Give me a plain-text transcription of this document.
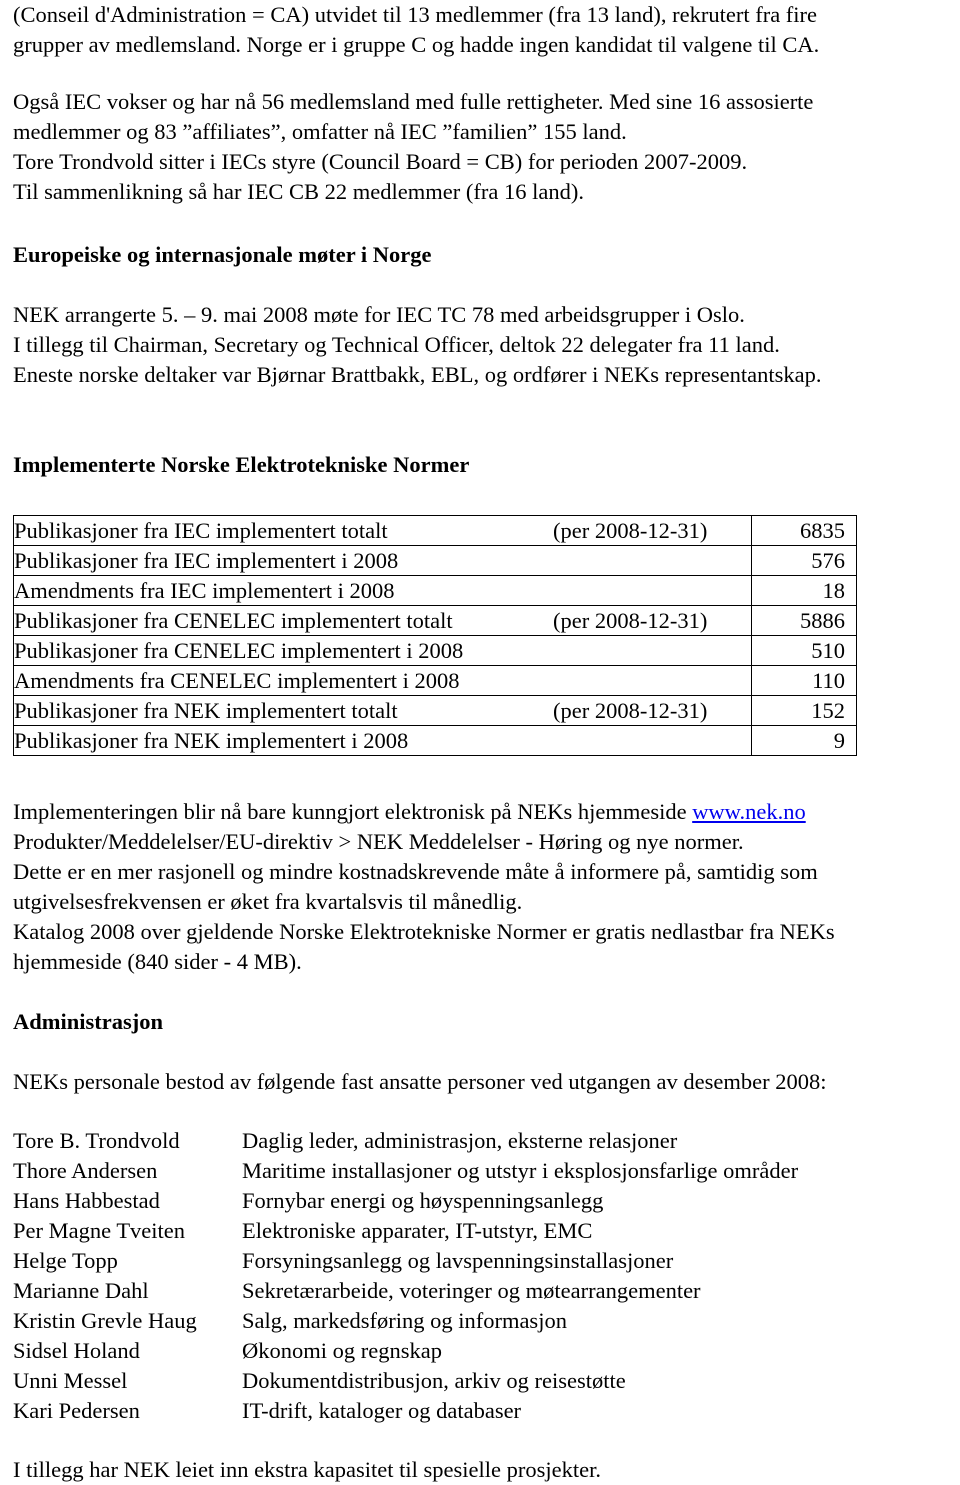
(Conseil d'Administration = CA) utvidet til 13 medlemmer (fra 13 land), rekrutert fra fire
grupper av medlemsland. Norge er i gruppe C og hadde ingen kandidat til valgene til CA.
Også IEC vokser og har nå 56 medlemsland med fulle rettigheter. Med sine 16 assosierte
medlemmer og 83 ”affiliates”, omfatter nå IEC ”familien” 155 land.
Tore Trondvold sitter i IECs styre (Council Board = CB) for perioden 2007-2009.
Til sammenlikning så har IEC CB 22 medlemmer (fra 16 land).
Europeiske og internasjonale møter i Norge
NEK arrangerte 5. – 9. mai 2008 møte for IEC TC 78 med arbeidsgrupper i Oslo.
I tillegg til Chairman, Secretary og Technical Officer, deltok 22 delegater fra 11 land.
Eneste norske deltaker var Bjørnar Brattbakk, EBL, og ordfører i NEKs representantskap.
Implementerte Norske Elektrotekniske Normer
Publikasjoner fra IEC implementert totalt (per 2008-12-31)	6835

Publikasjoner fra IEC implementert i 2008	576

Amendments fra IEC implementert i 2008	18

Publikasjoner fra CENELEC implementert totalt (per 2008-12-31)	5886

Publikasjoner fra CENELEC implementert i 2008	510

Amendments fra CENELEC implementert i 2008	110

Publikasjoner fra NEK implementert totalt (per 2008-12-31)	152

Publikasjoner fra NEK implementert i 2008	9
Implementeringen blir nå bare kunngjort elektronisk på NEKs hjemmeside www.nek.no
Produkter/Meddelelser/EU-direktiv > NEK Meddelelser - Høring og nye normer.
Dette er en mer rasjonell og mindre kostnadskrevende måte å informere på, samtidig som
utgivelsesfrekvensen er øket fra kvartalsvis til månedlig.
Katalog 2008 over gjeldende Norske Elektrotekniske Normer er gratis nedlastbar fra NEKs
hjemmeside (840 sider - 4 MB).
Administrasjon
NEKs personale bestod av følgende fast ansatte personer ved utgangen av desember 2008:
Tore B. Trondvold	Daglig leder, administrasjon, eksterne relasjoner
Thore Andersen	Maritime installasjoner og utstyr i eksplosjonsfarlige områder
Hans Habbestad	Fornybar energi og høyspenningsanlegg
Per Magne Tveiten	Elektroniske apparater, IT-utstyr, EMC
Helge Topp	Forsyningsanlegg og lavspenningsinstallasjoner
Marianne Dahl	Sekretærarbeide, voteringer og møtearrangementer
Kristin Grevle Haug	Salg, markedsføring og informasjon
Sidsel Holand	Økonomi og regnskap
Unni Messel	Dokumentdistribusjon, arkiv og reisestøtte
Kari Pedersen	IT-drift, kataloger og databaser
I tillegg har NEK leiet inn ekstra kapasitet til spesielle prosjekter.
